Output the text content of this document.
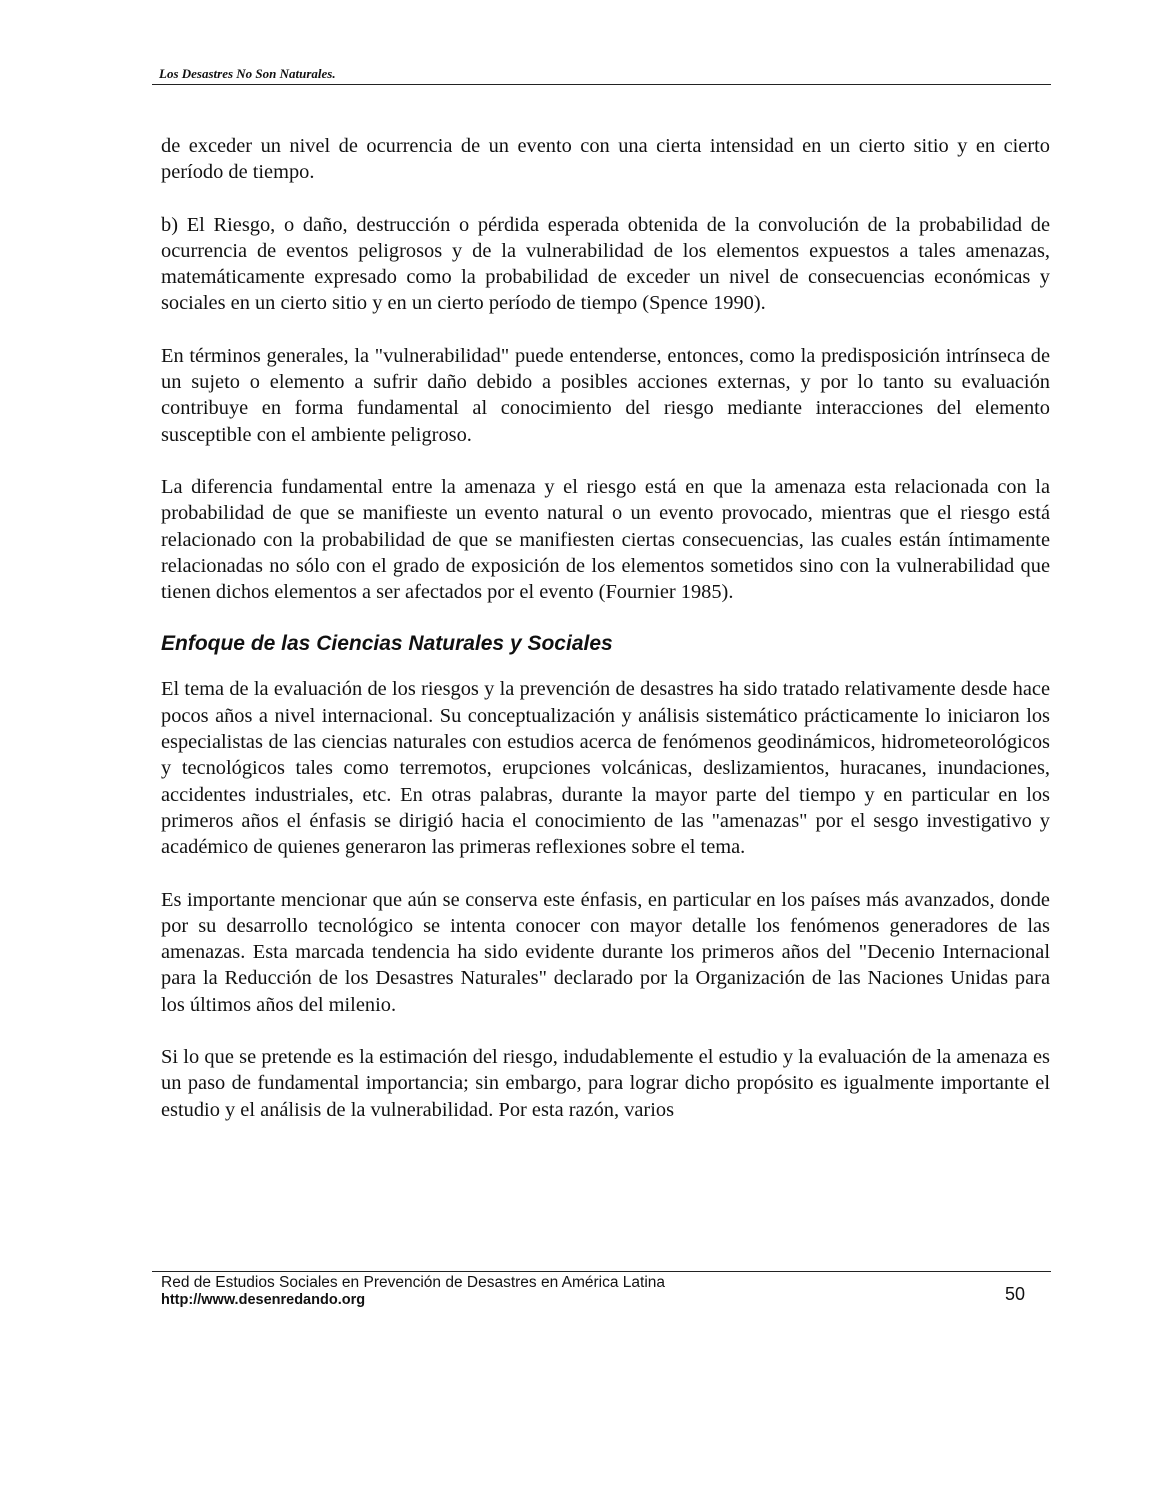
Los Desastres No Son Naturales.

de exceder un nivel de ocurrencia de un evento con una cierta intensidad en un cierto sitio y en cierto período de tiempo.

b) El Riesgo, o daño, destrucción o pérdida esperada obtenida de la convolución de la probabilidad de ocurrencia de eventos peligrosos y de la vulnerabilidad de los elementos expuestos a tales amenazas, matemáticamente expresado como la probabilidad de exceder un nivel de consecuencias económicas y sociales en un cierto sitio y en un cierto período de tiempo (Spence 1990).

En términos generales, la "vulnerabilidad" puede entenderse, entonces, como la predisposición intrínseca de un sujeto o elemento a sufrir daño debido a posibles acciones externas, y por lo tanto su evaluación contribuye en forma fundamental al conocimiento del riesgo mediante interacciones del elemento susceptible con el ambiente peligroso.

La diferencia fundamental entre la amenaza y el riesgo está en que la amenaza esta relacionada con la probabilidad de que se manifieste un evento natural o un evento provocado, mientras que el riesgo está relacionado con la probabilidad de que se manifiesten ciertas consecuencias, las cuales están íntimamente relacionadas no sólo con el grado de exposición de los elementos sometidos sino con la vulnerabilidad que tienen dichos elementos a ser afectados por el evento (Fournier 1985).

Enfoque de las Ciencias Naturales y Sociales

El tema de la evaluación de los riesgos y la prevención de desastres ha sido tratado relativamente desde hace pocos años a nivel internacional. Su conceptualización y análisis sistemático prácticamente lo iniciaron los especialistas de las ciencias naturales con estudios acerca de fenómenos geodinámicos, hidrometeorológicos y tecnológicos tales como terremotos, erupciones volcánicas, deslizamientos, huracanes, inundaciones, accidentes industriales, etc. En otras palabras, durante la mayor parte del tiempo y en particular en los primeros años el énfasis se dirigió hacia el conocimiento de las "amenazas" por el sesgo investigativo y académico de quienes generaron las primeras reflexiones sobre el tema.

Es importante mencionar que aún se conserva este énfasis, en particular en los países más avanzados, donde por su desarrollo tecnológico se intenta conocer con mayor detalle los fenómenos generadores de las amenazas. Esta marcada tendencia ha sido evidente durante los primeros años del "Decenio Internacional para la Reducción de los Desastres Naturales" declarado por la Organización de las Naciones Unidas para los últimos años del milenio.

Si lo que se pretende es la estimación del riesgo, indudablemente el estudio y la evaluación de la amenaza es un paso de fundamental importancia; sin embargo, para lograr dicho propósito es igualmente importante el estudio y el análisis de la vulnerabilidad. Por esta razón, varios

Red de Estudios Sociales en Prevención de Desastres en América Latina
http://www.desenredando.org	50
